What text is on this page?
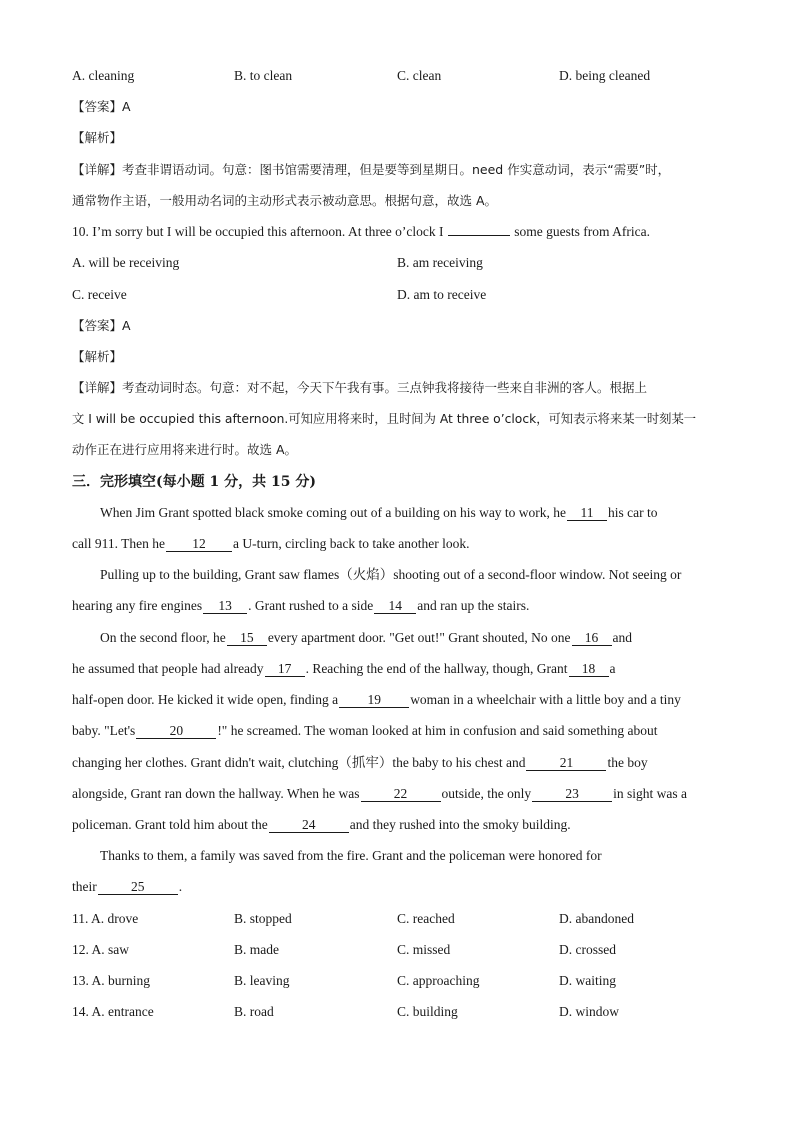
A. cleaning	B. to clean	C. clean	D. being cleaned
【答案】A
【解析】
【详解】考查非谓语动词。句意：图书馆需要清理，但是要等到星期日。need 作实意动词，表示“需要”时，
通常物作主语，一般用动名词的主动形式表示被动意思。根据句意，故选 A。
10. I’m sorry but I will be occupied this afternoon. At three o’clock I	some guests from Africa.
A. will be receiving	B. am receiving
C. receive	D. am to receive
【答案】A
【解析】
【详解】考查动词时态。句意：对不起，今天下午我有事。三点钟我将接待一些来自非洲的客人。根据上
文 I will be occupied this afternoon.可知应用将来时，且时间为 At three o’clock，可知表示将来某一时刻某一
动作正在进行应用将来进行时。故选 A。
三．完形填空(每小题 1 分，共 15 分)
When Jim Grant spotted black smoke coming out of a building on his way to work, he 11 his car to
call 911. Then he 12 a U-turn, circling back to take another look.
Pulling up to the building, Grant saw flames（火焰）shooting out of a second-floor window. Not seeing or
hearing any fire engines 13 . Grant rushed to a side 14 and ran up the stairs.
On the second floor, he 15 every apartment door. "Get out!" Grant shouted, No one 16 and
he assumed that people had already 17 . Reaching the end of the hallway, though, Grant 18 a
half-open door. He kicked it wide open, finding a 19 woman in a wheelchair with a little boy and a tiny
baby. "Let's	20	!" he screamed. The woman looked at him in confusion and said something about
changing her clothes. Grant didn't wait, clutching（抓牢）the baby to his chest and	21	the boy
alongside, Grant ran down the hallway. When he was	22	outside, the only	23	in sight was a
policeman. Grant told him about the	24	and they rushed into the smoky building.
Thanks to them, a family was saved from the fire. Grant and the policeman were honored for
their	25	.
11. A. drove	B. stopped	C. reached	D. abandoned
12. A. saw	B. made	C. missed	D. crossed
13. A. burning	B. leaving	C. approaching	D. waiting
14. A. entrance	B. road	C. building	D. window
